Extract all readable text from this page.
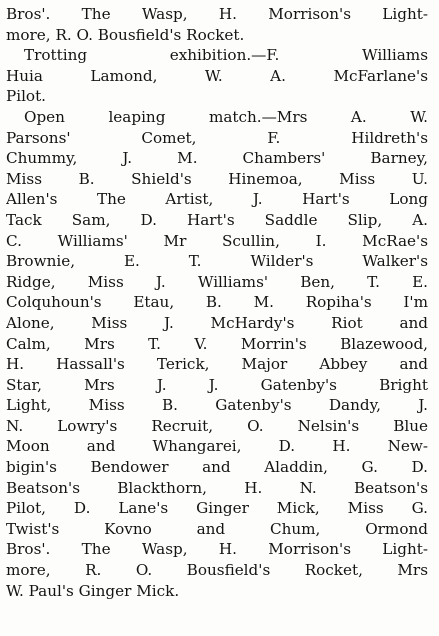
Bros'. The Wasp, H. Morrison's Light-
more, R. O. Bousfield's Rocket.
Trotting exhibition.—F. Williams
Huia Lamond, W. A. McFarlane's
Pilot.
Open leaping match.—Mrs A. W.
Parsons' Comet, F. Hildreth's
Chummy, J. M. Chambers' Barney,
Miss B. Shield's Hinemoa, Miss U.
Allen's The Artist, J. Hart's Long
Tack Sam, D. Hart's Saddle Slip, A.
C. Williams' Mr Scullin, I. McRae's
Brownie, E. T. Wilder's Walker's
Ridge, Miss J. Williams' Ben, T. E.
Colquhoun's Etau, B. M. Ropiha's I'm
Alone, Miss J. McHardy's Riot and
Calm, Mrs T. V. Morrin's Blazewood,
H. Hassall's Terick, Major Abbey and
Star, Mrs J. J. Gatenby's Bright
Light, Miss B. Gatenby's Dandy, J.
N. Lowry's Recruit, O. Nelsin's Blue
Moon and Whangarei, D. H. New-
bigin's Bendower and Aladdin, G. D.
Beatson's Blackthorn, H. N. Beatson's
Pilot, D. Lane's Ginger Mick, Miss G.
Twist's Kovno and Chum, Ormond
Bros'. The Wasp, H. Morrison's Light-
more, R. O. Bousfield's Rocket, Mrs
W. Paul's Ginger Mick.
